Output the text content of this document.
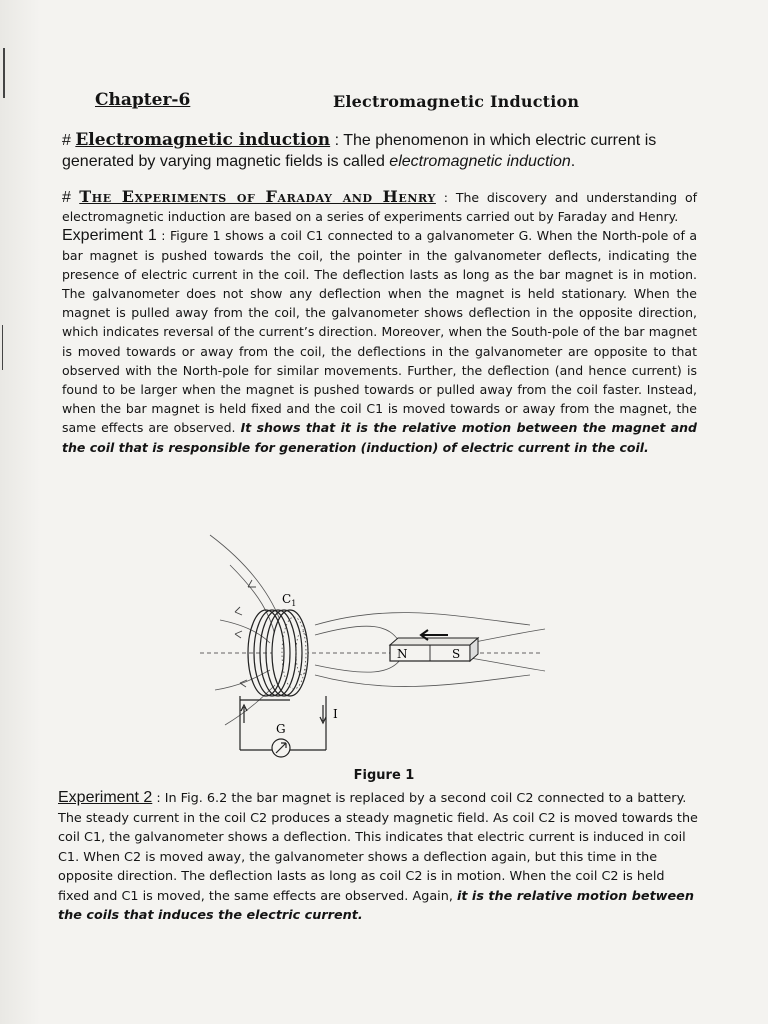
Chapter-6	Electromagnetic Induction
# Electromagnetic induction : The phenomenon in which electric current is generated by varying magnetic fields is called electromagnetic induction.
# The Experiments of Faraday and Henry : The discovery and understanding of electromagnetic induction are based on a series of experiments carried out by Faraday and Henry.
Experiment 1 : Figure 1 shows a coil C1 connected to a galvanometer G. When the North-pole of a bar magnet is pushed towards the coil, the pointer in the galvanometer deflects, indicating the presence of electric current in the coil. The deflection lasts as long as the bar magnet is in motion. The galvanometer does not show any deflection when the magnet is held stationary. When the magnet is pulled away from the coil, the galvanometer shows deflection in the opposite direction, which indicates reversal of the current’s direction. Moreover, when the South-pole of the bar magnet is moved towards or away from the coil, the deflections in the galvanometer are opposite to that observed with the North-pole for similar movements. Further, the deflection (and hence current) is found to be larger when the magnet is pushed towards or pulled away from the coil faster. Instead, when the bar magnet is held fixed and the coil C1 is moved towards or away from the magnet, the same effects are observed. It shows that it is the relative motion between the magnet and the coil that is responsible for generation (induction) of electric current in the coil.
$C_1$
N	S
G
I
Figure 1
Experiment 2 : In Fig. 6.2 the bar magnet is replaced by a second coil C2 connected to a battery. The steady current in the coil C2 produces a steady magnetic field. As coil C2 is moved towards the coil C1, the galvanometer shows a deflection. This indicates that electric current is induced in coil C1. When C2 is moved away, the galvanometer shows a deflection again, but this time in the opposite direction. The deflection lasts as long as coil C2 is in motion. When the coil C2 is held fixed and C1 is moved, the same effects are observed. Again, it is the relative motion between the coils that induces the electric current.
